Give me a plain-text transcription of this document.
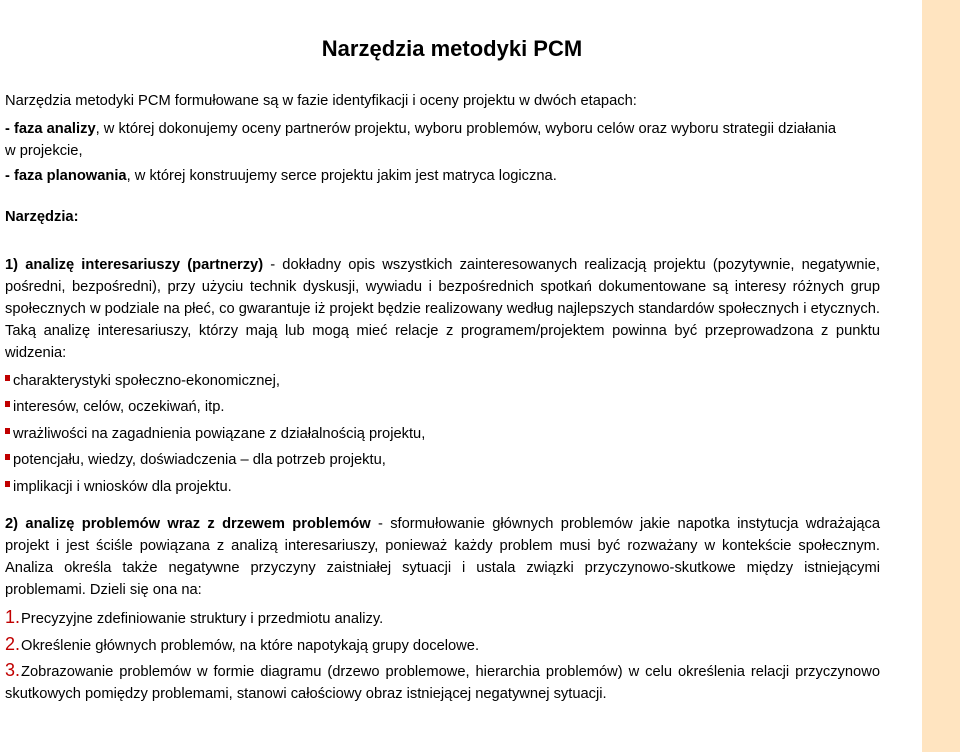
Narzędzia metodyki PCM

Narzędzia metodyki PCM formułowane są w fazie identyfikacji i oceny projektu w dwóch etapach:

- faza analizy, w której dokonujemy oceny partnerów projektu, wyboru problemów, wyboru celów oraz wyboru strategii działania w projekcie,

- faza planowania, w której konstruujemy serce projektu jakim jest matryca logiczna.

Narzędzia:

1) analizę interesariuszy (partnerzy) - dokładny opis wszystkich zainteresowanych realizacją projektu (pozytywnie, negatywnie, pośredni, bezpośredni), przy użyciu technik dyskusji, wywiadu i bezpośrednich spotkań dokumentowane są interesy różnych grup społecznych w podziale na płeć, co gwarantuje iż projekt będzie realizowany według najlepszych standardów społecznych i etycznych. Taką analizę interesariuszy, którzy mają lub mogą mieć relacje z programem/projektem powinna być przeprowadzona z punktu widzenia:

charakterystyki społeczno-ekonomicznej,
interesów, celów, oczekiwań, itp.
wrażliwości na zagadnienia powiązane z działalnością projektu,
potencjału, wiedzy, doświadczenia – dla potrzeb projektu,
implikacji i wniosków dla projektu.

2) analizę problemów wraz z drzewem problemów - sformułowanie głównych problemów jakie napotka instytucja wdrażająca projekt i jest ściśle powiązana z analizą interesariuszy, ponieważ każdy problem musi być rozważany w kontekście społecznym. Analiza określa także negatywne przyczyny zaistniałej sytuacji i ustala związki przyczynowo-skutkowe między istniejącymi problemami. Dzieli się ona na:

1.Precyzyjne zdefiniowanie struktury i przedmiotu analizy.
2.Określenie głównych problemów, na które napotykają grupy docelowe.
3.Zobrazowanie problemów w formie diagramu (drzewo problemowe, hierarchia problemów) w celu określenia relacji przyczynowo skutkowych pomiędzy problemami, stanowi całościowy obraz istniejącej negatywnej sytuacji.
